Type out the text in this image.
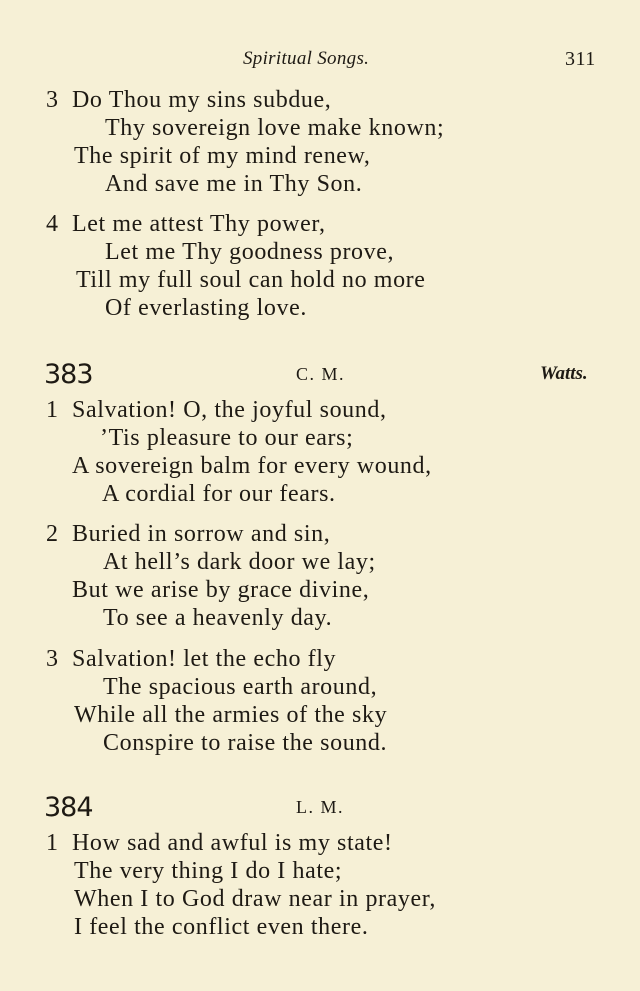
Spiritual Songs.	311
3 Do Thou my sins subdue,
Thy sovereign love make known;
The spirit of my mind renew,
And save me in Thy Son.
4 Let me attest Thy power,
Let me Thy goodness prove,
Till my full soul can hold no more
Of everlasting love.
383	C. M.	Watts.
1 Salvation! O, the joyful sound,
’Tis pleasure to our ears;
A sovereign balm for every wound,
A cordial for our fears.
2 Buried in sorrow and sin,
At hell’s dark door we lay;
But we arise by grace divine,
To see a heavenly day.
3 Salvation! let the echo fly
The spacious earth around,
While all the armies of the sky
Conspire to raise the sound.
384	L. M.
1 How sad and awful is my state!
The very thing I do I hate;
When I to God draw near in prayer,
I feel the conflict even there.
